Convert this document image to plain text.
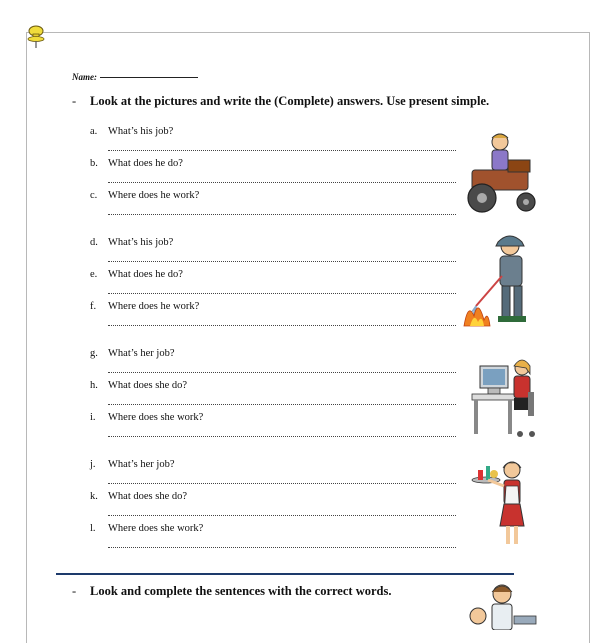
Name:
- Look at the pictures and write the (Complete) answers. Use present simple.
a. What’s his job?
b. What does he do?
c. Where does he work?
d. What’s his job?
e. What does he do?
f. Where does he work?
g. What’s her job?
h. What does she do?
i. Where does she work?
j. What’s her job?
k. What does she do?
l. Where does she work?
- Look and complete the sentences with the correct words.
